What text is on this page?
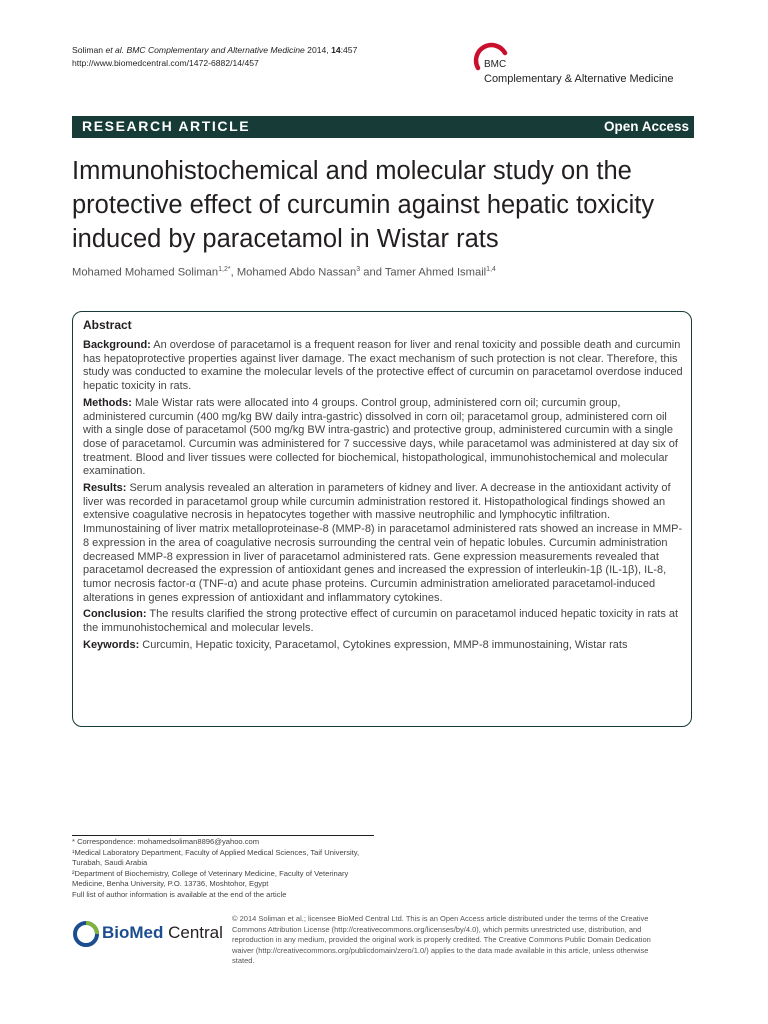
Soliman et al. BMC Complementary and Alternative Medicine 2014, 14:457
http://www.biomedcentral.com/1472-6882/14/457	BMC
Complementary & Alternative Medicine
RESEARCH ARTICLE	Open Access
Immunohistochemical and molecular study on the protective effect of curcumin against hepatic toxicity induced by paracetamol in Wistar rats
Mohamed Mohamed Soliman$^{1,2*}$, Mohamed Abdo Nassan$^3$ and Tamer Ahmed Ismail$^{1,4}$
Abstract

Background: An overdose of paracetamol is a frequent reason for liver and renal toxicity and possible death and curcumin has hepatoprotective properties against liver damage. The exact mechanism of such protection is not clear. Therefore, this study was conducted to examine the molecular levels of the protective effect of curcumin on paracetamol overdose induced hepatic toxicity in rats.

Methods: Male Wistar rats were allocated into 4 groups. Control group, administered corn oil; curcumin group, administered curcumin (400 mg/kg BW daily intra-gastric) dissolved in corn oil; paracetamol group, administered corn oil with a single dose of paracetamol (500 mg/kg BW intra-gastric) and protective group, administered curcumin with a single dose of paracetamol. Curcumin was administered for 7 successive days, while paracetamol was administered at day six of treatment. Blood and liver tissues were collected for biochemical, histopathological, immunohistochemical and molecular examination.

Results: Serum analysis revealed an alteration in parameters of kidney and liver. A decrease in the antioxidant activity of liver was recorded in paracetamol group while curcumin administration restored it. Histopathological findings showed an extensive coagulative necrosis in hepatocytes together with massive neutrophilic and lymphocytic infiltration. Immunostaining of liver matrix metalloproteinase-8 (MMP-8) in paracetamol administered rats showed an increase in MMP-8 expression in the area of coagulative necrosis surrounding the central vein of hepatic lobules. Curcumin administration decreased MMP-8 expression in liver of paracetamol administered rats. Gene expression measurements revealed that paracetamol decreased the expression of antioxidant genes and increased the expression of interleukin-1β (IL-1β), IL-8, tumor necrosis factor-α (TNF-α) and acute phase proteins. Curcumin administration ameliorated paracetamol-induced alterations in genes expression of antioxidant and inflammatory cytokines.

Conclusion: The results clarified the strong protective effect of curcumin on paracetamol induced hepatic toxicity in rats at the immunohistochemical and molecular levels.

Keywords: Curcumin, Hepatic toxicity, Paracetamol, Cytokines expression, MMP-8 immunostaining, Wistar rats

* Correspondence: mohamedsoliman8896@yahoo.com
¹Medical Laboratory Department, Faculty of Applied Medical Sciences, Taif University, Turabah, Saudi Arabia
²Department of Biochemistry, College of Veterinary Medicine, Faculty of Veterinary Medicine, Benha University, P.O. 13736, Moshtohor, Egypt
Full list of author information is available at the end of the article
BioMed Central
© 2014 Soliman et al.; licensee BioMed Central Ltd. This is an Open Access article distributed under the terms of the Creative Commons Attribution License (http://creativecommons.org/licenses/by/4.0), which permits unrestricted use, distribution, and reproduction in any medium, provided the original work is properly credited. The Creative Commons Public Domain Dedication waiver (http://creativecommons.org/publicdomain/zero/1.0/) applies to the data made available in this article, unless otherwise stated.
